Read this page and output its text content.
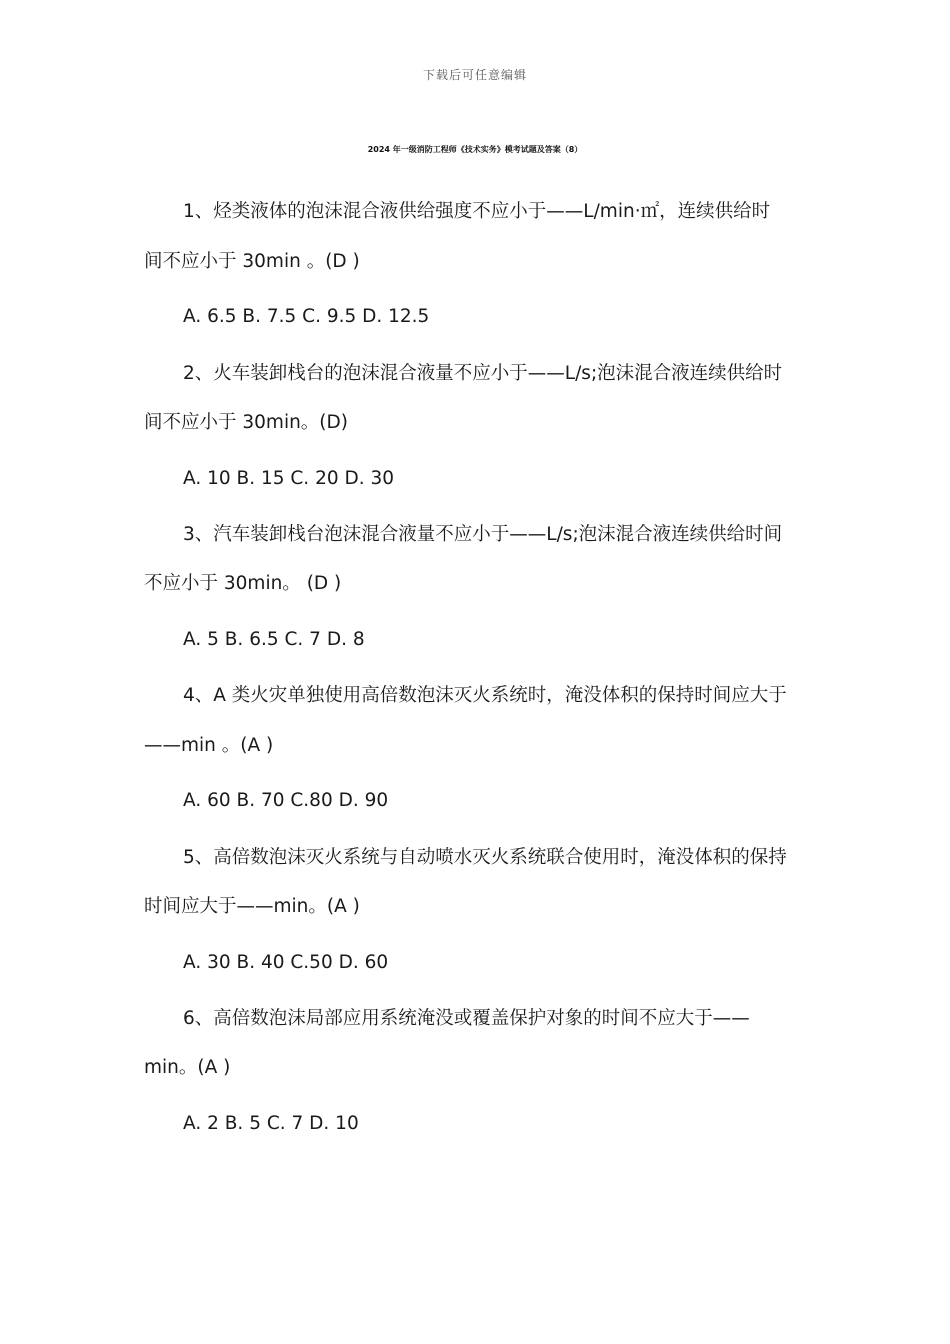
下载后可任意编辑
2024 年一级消防工程师《技术实务》模考试题及答案（8）
1、烃类液体的泡沫混合液供给强度不应小于——L/min·㎡，连续供给时
间不应小于 30min 。(D )
A. 6.5 B. 7.5 C. 9.5 D. 12.5
2、火车装卸栈台的泡沫混合液量不应小于——L/s;泡沫混合液连续供给时
间不应小于 30min。(D)
A. 10 B. 15 C. 20 D. 30
3、汽车装卸栈台泡沫混合液量不应小于——L/s;泡沫混合液连续供给时间
不应小于 30min。 (D )
A. 5 B. 6.5 C. 7 D. 8
4、A 类火灾单独使用高倍数泡沫灭火系统时，淹没体积的保持时间应大于
——min 。(A )
A. 60 B. 70 C.80 D. 90
5、高倍数泡沫灭火系统与自动喷水灭火系统联合使用时，淹没体积的保持
时间应大于——min。(A )
A. 30 B. 40 C.50 D. 60
6、高倍数泡沫局部应用系统淹没或覆盖保护对象的时间不应大于——
min。(A )
A. 2 B. 5 C. 7 D. 10
